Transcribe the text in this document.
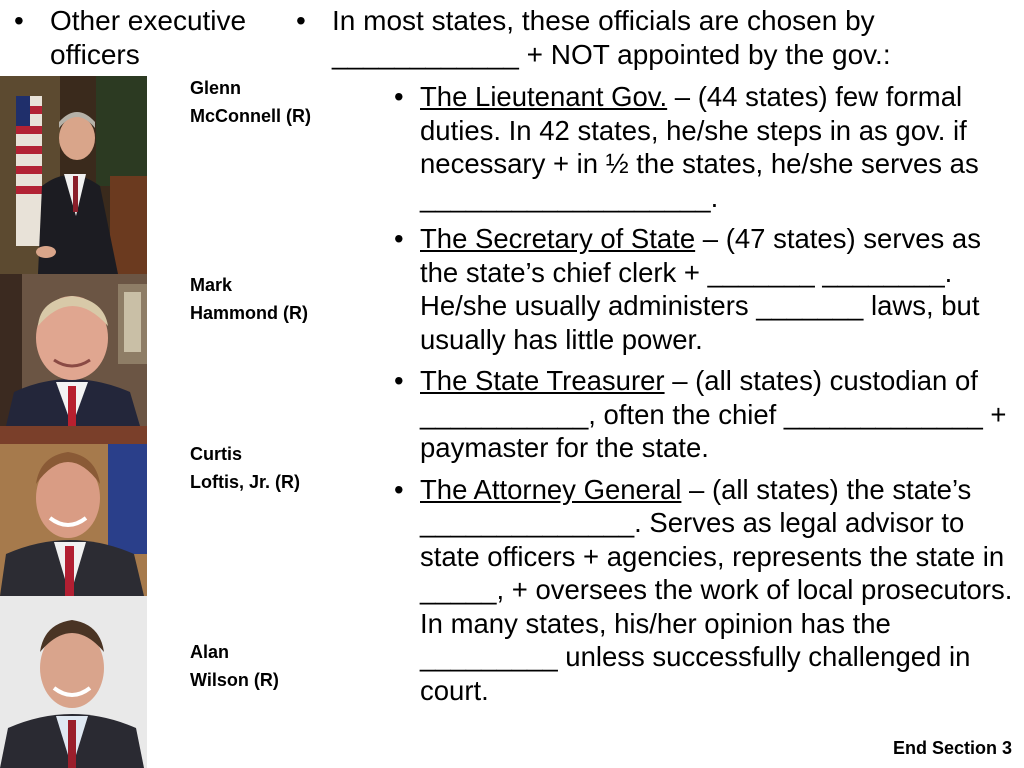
• Other executive officers
• In most states, these officials are chosen by ____________ + NOT appointed by the gov.:
Glenn
McConnell (R)
Mark
Hammond (R)
Curtis
Loftis, Jr. (R)
Alan
Wilson (R)
• The Lieutenant Gov. – (44 states) few formal duties. In 42 states, he/she steps in as gov. if necessary + in ½ the states, he/she serves as ___________________.
• The Secretary of State – (47 states) serves as the state’s chief clerk + _______ ________. He/she usually administers _______ laws, but usually has little power.
• The State Treasurer – (all states) custodian of ___________, often the chief _____________ + paymaster for the state.
• The Attorney General – (all states) the state’s ______________. Serves as legal advisor to state officers + agencies, represents the state in _____, + oversees the work of local prosecutors. In many states, his/her opinion has the _________ unless successfully challenged in court.
End Section 3
